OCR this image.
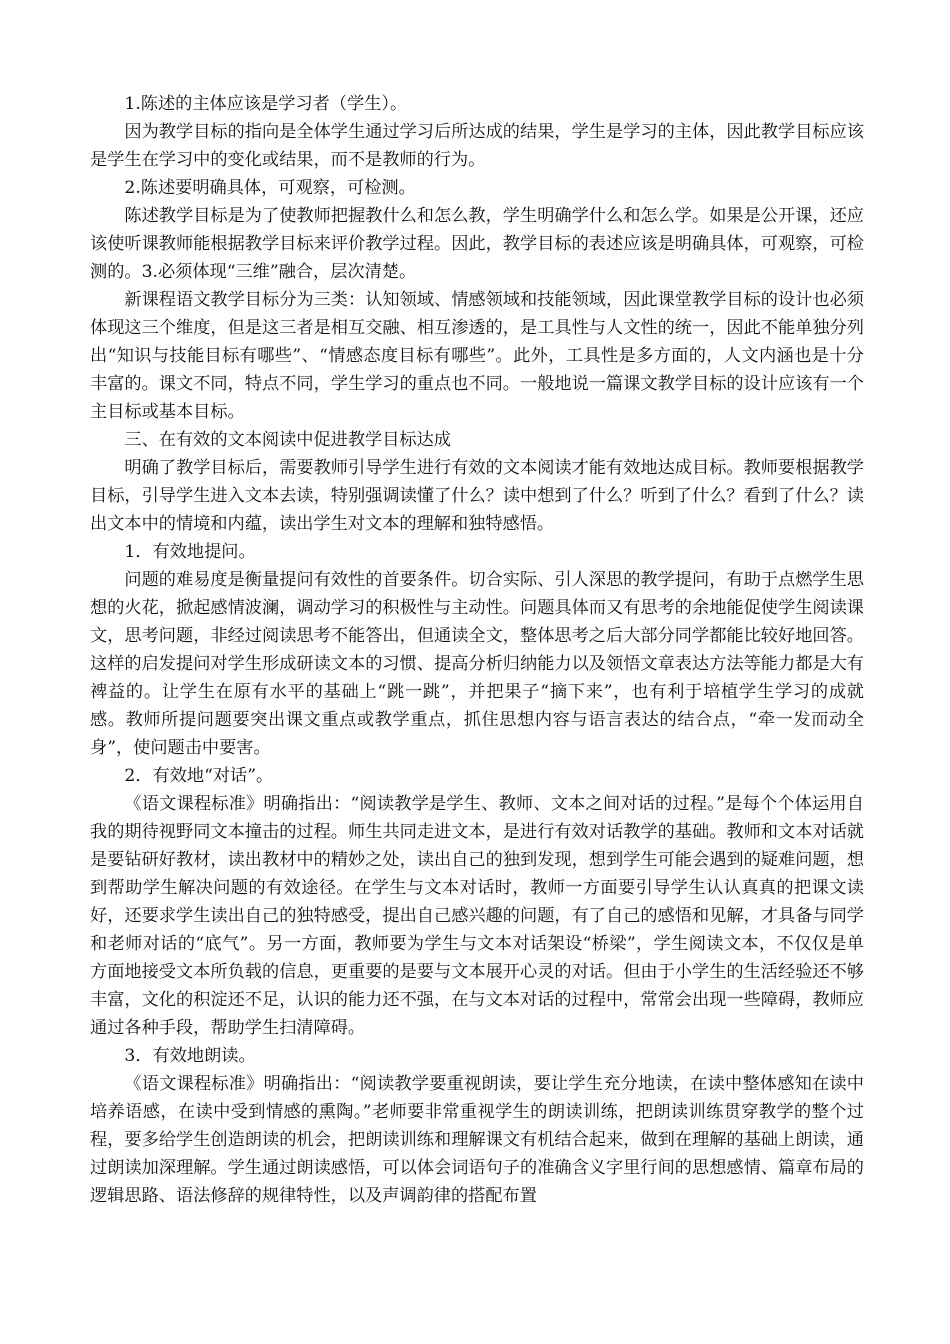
1.陈述的主体应该是学习者（学生）。

因为教学目标的指向是全体学生通过学习后所达成的结果，学生是学习的主体，因此教学目标应该是学生在学习中的变化或结果，而不是教师的行为。

2.陈述要明确具体，可观察，可检测。

陈述教学目标是为了使教师把握教什么和怎么教，学生明确学什么和怎么学。如果是公开课，还应该使听课教师能根据教学目标来评价教学过程。因此，教学目标的表述应该是明确具体，可观察，可检测的。3.必须体现“三维”融合，层次清楚。

新课程语文教学目标分为三类：认知领域、情感领域和技能领域，因此课堂教学目标的设计也必须体现这三个维度，但是这三者是相互交融、相互渗透的，是工具性与人文性的统一，因此不能单独分列出“知识与技能目标有哪些”、“情感态度目标有哪些”。此外，工具性是多方面的，人文内涵也是十分丰富的。课文不同，特点不同，学生学习的重点也不同。一般地说一篇课文教学目标的设计应该有一个主目标或基本目标。

三、在有效的文本阅读中促进教学目标达成

明确了教学目标后，需要教师引导学生进行有效的文本阅读才能有效地达成目标。教师要根据教学目标，引导学生进入文本去读，特别强调读懂了什么？读中想到了什么？听到了什么？看到了什么？读出文本中的情境和内蕴，读出学生对文本的理解和独特感悟。

1．有效地提问。

问题的难易度是衡量提问有效性的首要条件。切合实际、引人深思的教学提问，有助于点燃学生思想的火花，掀起感情波澜，调动学习的积极性与主动性。问题具体而又有思考的余地能促使学生阅读课文，思考问题，非经过阅读思考不能答出，但通读全文，整体思考之后大部分同学都能比较好地回答。这样的启发提问对学生形成研读文本的习惯、提高分析归纳能力以及领悟文章表达方法等能力都是大有裨益的。让学生在原有水平的基础上“跳一跳”，并把果子“摘下来”，也有利于培植学生学习的成就感。教师所提问题要突出课文重点或教学重点，抓住思想内容与语言表达的结合点，“牵一发而动全身”，使问题击中要害。

2．有效地“对话”。

《语文课程标准》明确指出：“阅读教学是学生、教师、文本之间对话的过程。”是每个个体运用自我的期待视野同文本撞击的过程。师生共同走进文本，是进行有效对话教学的基础。教师和文本对话就是要钻研好教材，读出教材中的精妙之处，读出自己的独到发现，想到学生可能会遇到的疑难问题，想到帮助学生解决问题的有效途径。在学生与文本对话时，教师一方面要引导学生认认真真的把课文读好，还要求学生读出自己的独特感受，提出自己感兴趣的问题，有了自己的感悟和见解，才具备与同学和老师对话的“底气”。另一方面，教师要为学生与文本对话架设“桥梁”，学生阅读文本，不仅仅是单方面地接受文本所负载的信息，更重要的是要与文本展开心灵的对话。但由于小学生的生活经验还不够丰富，文化的积淀还不足，认识的能力还不强，在与文本对话的过程中，常常会出现一些障碍，教师应通过各种手段，帮助学生扫清障碍。

3．有效地朗读。

《语文课程标准》明确指出：“阅读教学要重视朗读，要让学生充分地读，在读中整体感知在读中培养语感，在读中受到情感的熏陶。”老师要非常重视学生的朗读训练，把朗读训练贯穿教学的整个过程，要多给学生创造朗读的机会，把朗读训练和理解课文有机结合起来，做到在理解的基础上朗读，通过朗读加深理解。学生通过朗读感悟，可以体会词语句子的准确含义字里行间的思想感情、篇章布局的逻辑思路、语法修辞的规律特性，以及声调韵律的搭配布置
